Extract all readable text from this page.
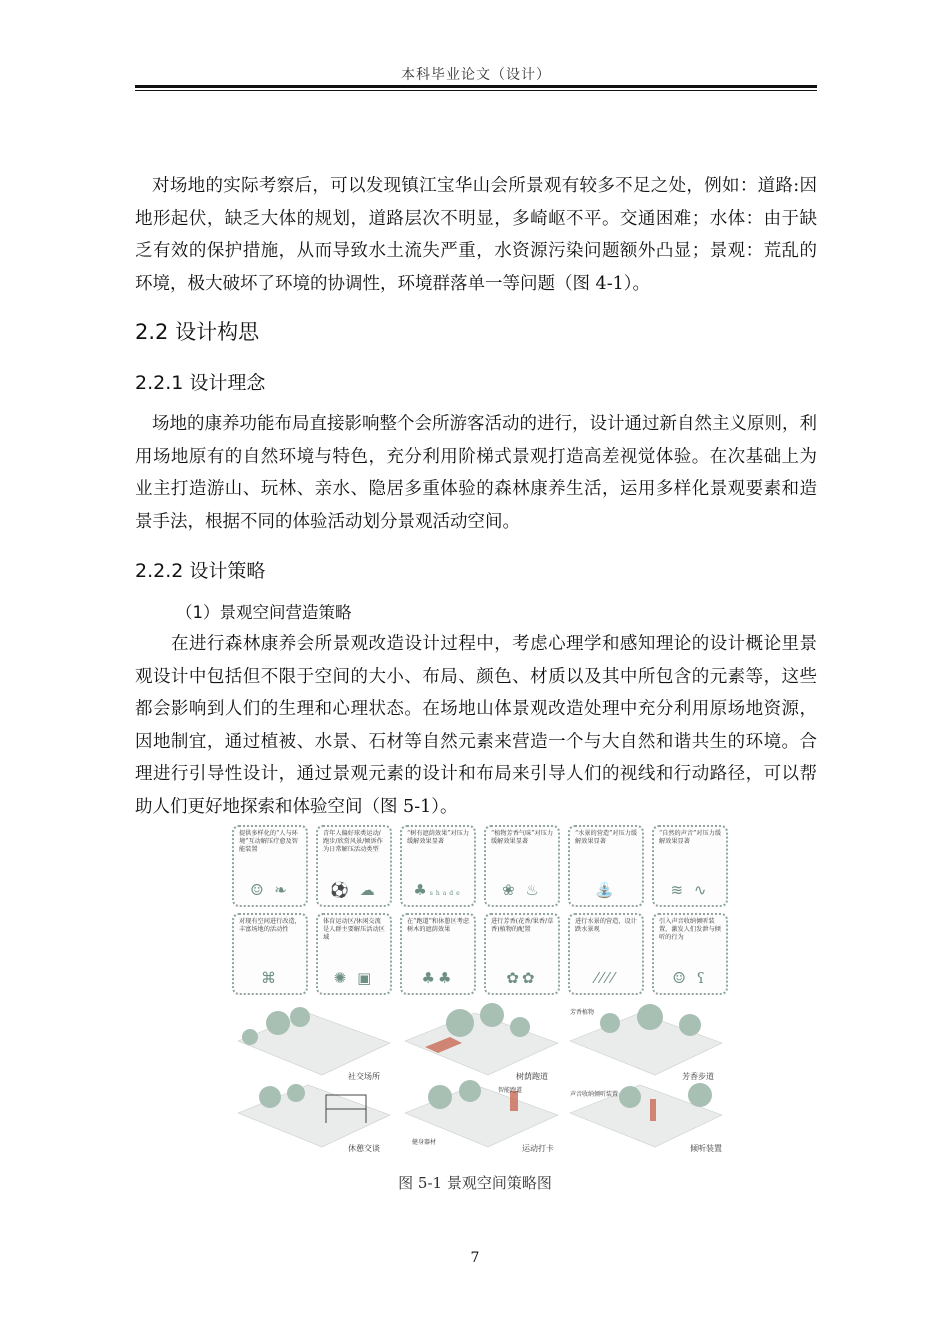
本科毕业论文（设计）

对场地的实际考察后，可以发现镇江宝华山会所景观有较多不足之处，例如：道路:因地形起伏，缺乏大体的规划，道路层次不明显，多崎岖不平。交通困难；水体：由于缺乏有效的保护措施，从而导致水土流失严重，水资源污染问题额外凸显；景观：荒乱的环境，极大破坏了环境的协调性，环境群落单一等问题（图 4-1）。

2.2 设计构思
2.2.1 设计理念

场地的康养功能布局直接影响整个会所游客活动的进行，设计通过新自然主义原则，利用场地原有的自然环境与特色，充分利用阶梯式景观打造高差视觉体验。在次基础上为业主打造游山、玩林、亲水、隐居多重体验的森林康养生活，运用多样化景观要素和造景手法，根据不同的体验活动划分景观活动空间。

2.2.2 设计策略
（1）景观空间营造策略

在进行森林康养会所景观改造设计过程中，考虑心理学和感知理论的设计概论里景观设计中包括但不限于空间的大小、布局、颜色、材质以及其中所包含的元素等，这些都会影响到人们的生理和心理状态。在场地山体景观改造处理中充分利用原场地资源，因地制宜，通过植被、水景、石材等自然元素来营造一个与大自然和谐共生的环境。合理进行引导性设计，通过景观元素的设计和布局来引导人们的视线和行动路径，可以帮助人们更好地探索和体验空间（图 5-1）。

提供多样化的“人与环境”互动解压疗愈及智能装置
☺ ❧
青年人偏好球类运动/跑步/欣赏风景/倾诉作为日常解压活动类型
⚽ ☁
“树有遮荫效果”对压力缓解效果显著
♣shade
“植物芳香气味”对压力缓解效果显著
❀ ♨
“水景的营造”对压力缓解效果显著
⛲
“自然的声音”对压力缓解效果显著
≋ ∿
对现有空间进行改造，丰富场地的活动性
⌘
体育运动区/休闲交流是人群主要解压活动区域
✺ ▣
在“跑道”和休憩区考虑树木的遮荫效果
♣♣
进行芳香(花香/果香/草香)植物的配置
✿✿
进行水景的营造，设计跌水景观
⁄⁄⁄⁄
引入声音收纳倾听装置，激发人们发泄与倾听的行为
☺ ʕ
社交场所	树荫跑道	芳香步道
休憩交谈	运动打卡	倾听装置
芳香植物
智能跑道
声音收纳倾听装置
健身器材
图 5-1 景观空间策略图
7
